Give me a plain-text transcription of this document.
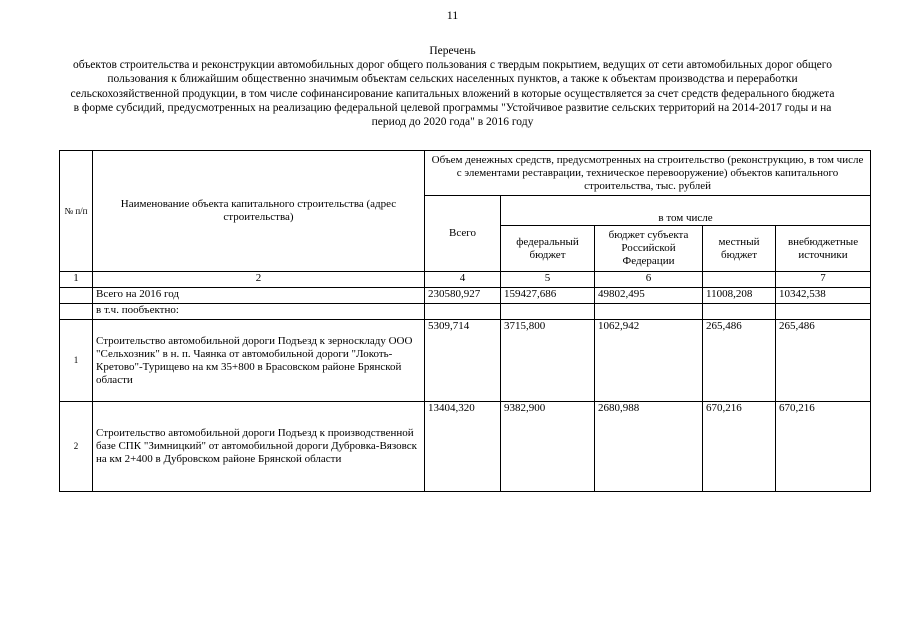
11
Перечень
объектов строительства и реконструкции автомобильных дорог общего пользования с твердым покрытием, ведущих от сети автомобильных дорог общего пользования к ближайшим общественно значимым объектам сельских населенных пунктов, а также к объектам производства и переработки сельскохозяйственной продукции, в том числе софинансирование капитальных вложений в которые осуществляется за счет средств федерального бюджета в форме субсидий, предусмотренных на реализацию федеральной целевой программы "Устойчивое развитие сельских территорий на 2014-2017 годы и на период до 2020 года" в 2016 году
№ п/п	Наименование объекта капитального строительства (адрес строительства)	Объем денежных средств, предусмотренных на строительство (реконструкцию, в том числе с элементами реставрации, техническое перевооружение) объектов капитального строительства, тыс. рублей				
		Всего	в том числе			
			федеральный бюджет	бюджет субъекта Российской Федерации	местный бюджет	внебюджетные источники
1	2	4	5	6		7
	Всего на 2016 год	230580,927	159427,686	49802,495	11008,208	10342,538
	в т.ч. пообъектно:					
1	Строительство автомобильной дороги Подъезд к зерноскладу ООО "Сельхозник" в н. п. Чаянка от автомобильной дороги "Локоть-Кретово"-Турищево на км 35+800 в Брасовском районе Брянской области	5309,714	3715,800	1062,942	265,486	265,486
2	Строительство автомобильной дороги Подъезд к производственной базе СПК "Зимницкий" от автомобильной дороги Дубровка-Вязовск на км 2+400 в Дубровском районе Брянской области	13404,320	9382,900	2680,988	670,216	670,216
